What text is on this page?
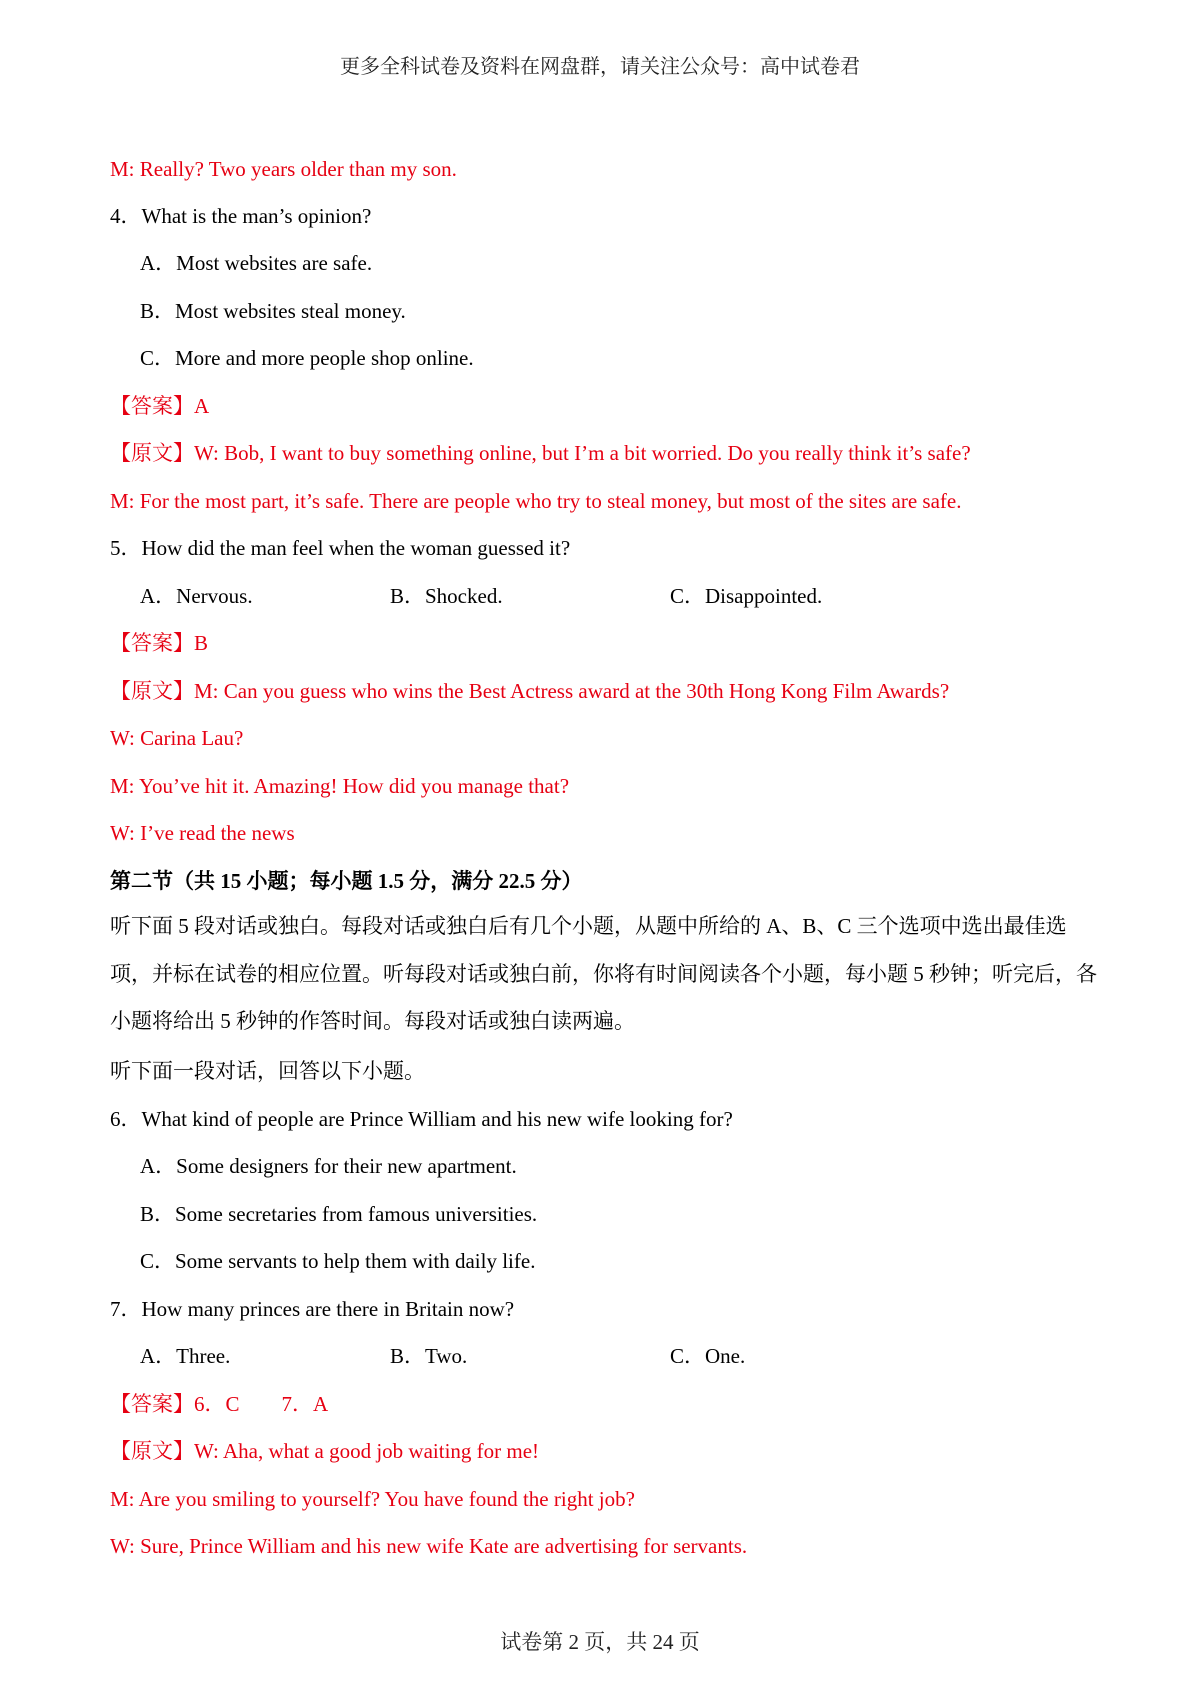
更多全科试卷及资料在网盘群，请关注公众号：高中试卷君
M: Really? Two years older than my son.
4．What is the man’s opinion?
A．Most websites are safe.
B．Most websites steal money.
C．More and more people shop online.
【答案】A
【原文】W: Bob, I want to buy something online, but I’m a bit worried. Do you really think it’s safe?
M: For the most part, it’s safe. There are people who try to steal money, but most of the sites are safe.
5．How did the man feel when the woman guessed it?
A．Nervous.	B．Shocked.	C．Disappointed.
【答案】B
【原文】M: Can you guess who wins the Best Actress award at the 30th Hong Kong Film Awards?
W: Carina Lau?
M: You’ve hit it. Amazing! How did you manage that?
W: I’ve read the news
第二节（共 15 小题；每小题 1.5 分，满分 22.5 分）
听下面 5 段对话或独白。每段对话或独白后有几个小题，从题中所给的 A、B、C 三个选项中选出最佳选项，并标在试卷的相应位置。听每段对话或独白前，你将有时间阅读各个小题，每小题 5 秒钟；听完后，各小题将给出 5 秒钟的作答时间。每段对话或独白读两遍。
听下面一段对话，回答以下小题。
6．What kind of people are Prince William and his new wife looking for?
A．Some designers for their new apartment.
B．Some secretaries from famous universities.
C．Some servants to help them with daily life.
7．How many princes are there in Britain now?
A．Three.	B．Two.	C．One.
【答案】6．C　　7．A
【原文】W: Aha, what a good job waiting for me!
M: Are you smiling to yourself? You have found the right job?
W: Sure, Prince William and his new wife Kate are advertising for servants.
试卷第 2 页，共 24 页
